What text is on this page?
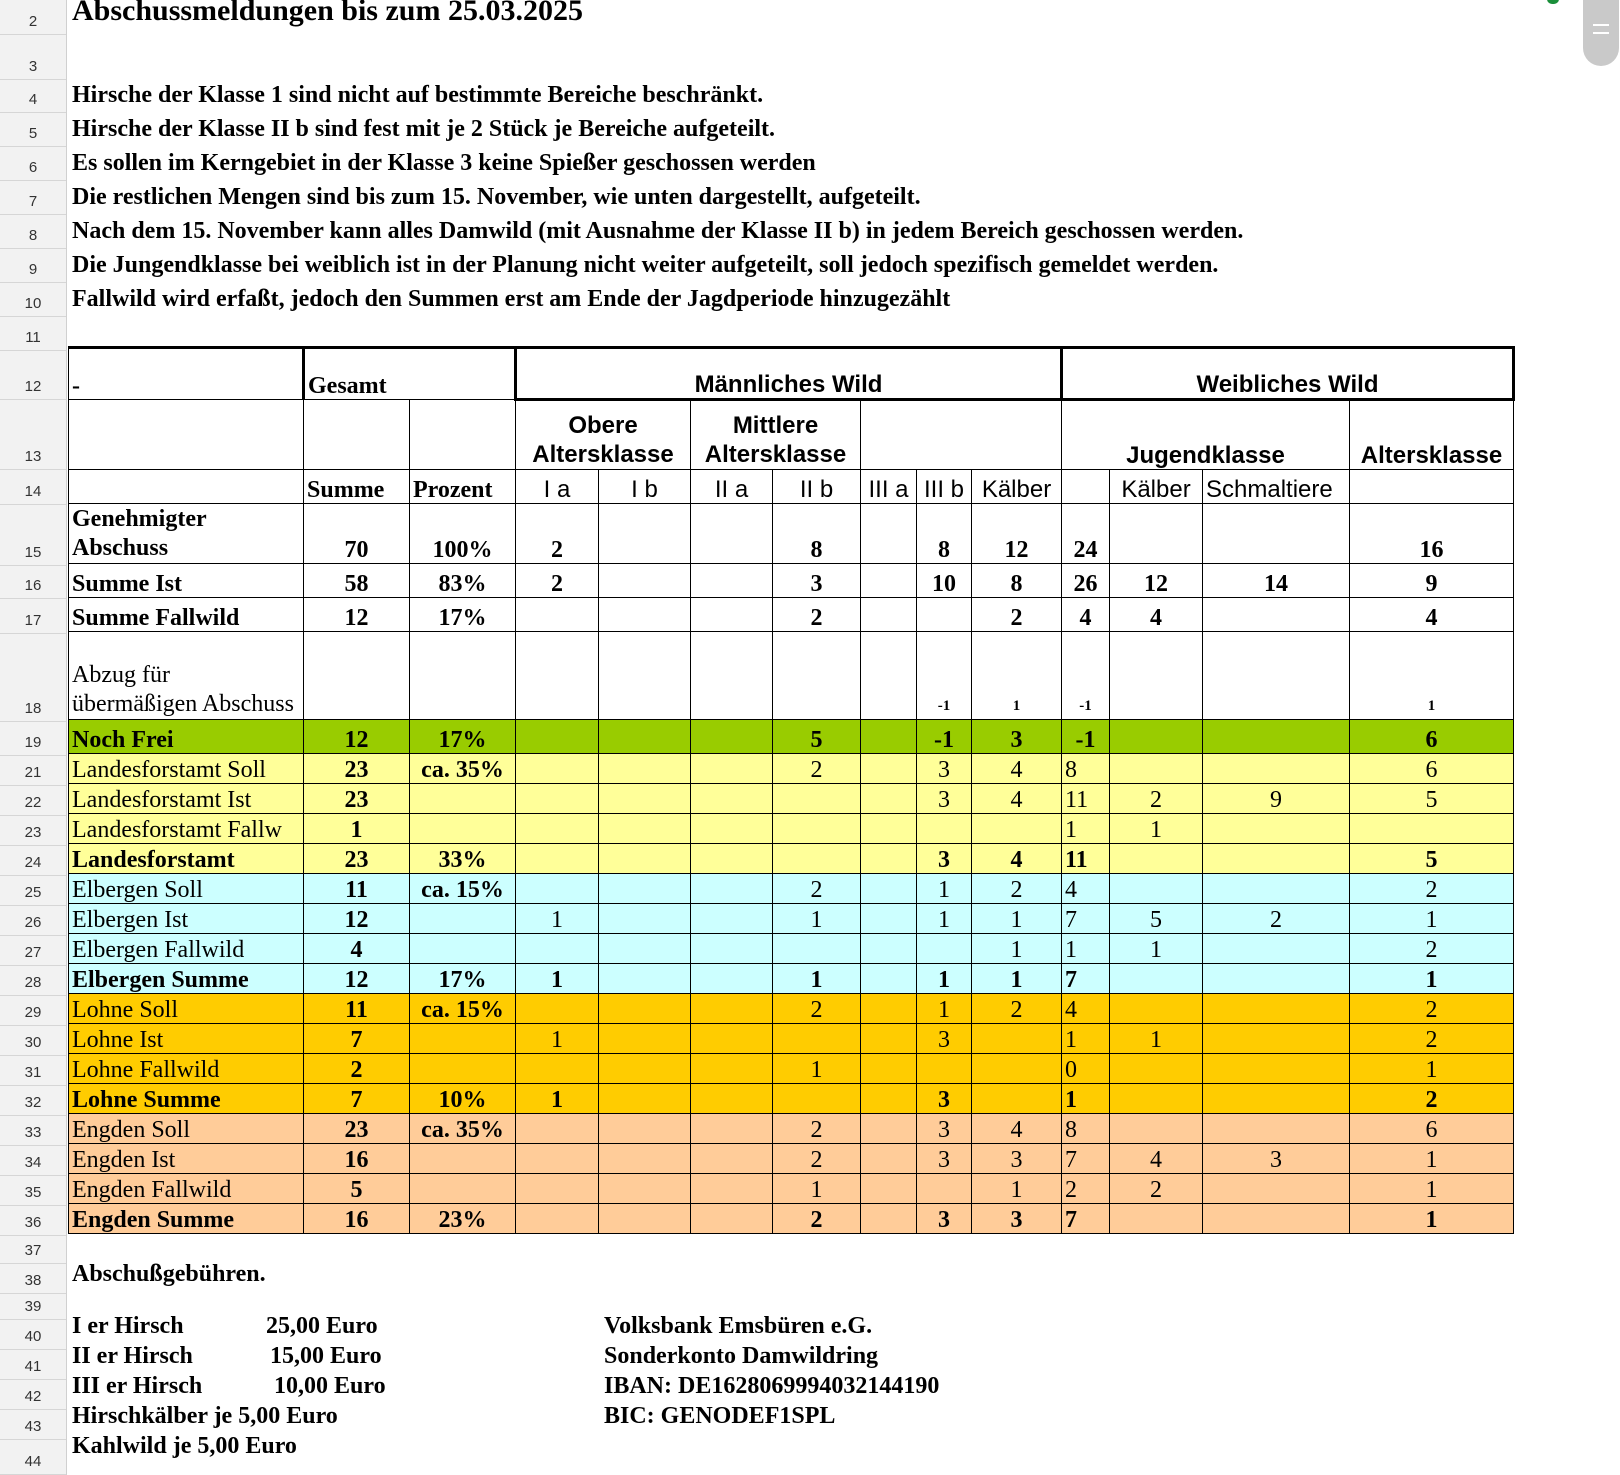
2
3
4
5
6
7
8
9
10
11
12
13
14
15
16
17
18
19
21
22
23
24
25
26
27
28
29
30
31
32
33
34
35
36
37
38
39
40
41
42
43
44
Abschussmeldungen bis zum 25.03.2025
Hirsche der Klasse 1 sind nicht auf bestimmte Bereiche beschränkt.
Hirsche der Klasse II b sind fest mit je 2 Stück je Bereiche aufgeteilt.
Es sollen im Kerngebiet in der Klasse 3 keine Spießer geschossen werden
Die restlichen Mengen sind bis zum 15. November, wie unten dargestellt, aufgeteilt.
Nach dem 15. November kann alles Damwild (mit Ausnahme der Klasse II b) in jedem Bereich geschossen werden.
Die Jungendklasse bei weiblich ist in der Planung nicht weiter aufgeteilt, soll jedoch spezifisch gemeldet werden.
Fallwild wird erfaßt, jedoch den Summen erst am Ende der Jagdperiode hinzugezählt
-	Gesamt		Männliches Wild							Weibliches Wild			
			Obere Altersklasse		Mittlere Altersklasse					Jugendklasse			Altersklasse
	Summe	Prozent	I a	I b	II a	II b	III a	III b	Kälber		Kälber	Schmaltiere	
Genehmigter Abschuss	70	100%	2			8		8	12	24			16
Summe Ist	58	83%	2			3		10	8	26	12	14	9
Summe Fallwild	12	17%				2			2	4	4		4
Abzug für übermäßigen Abschuss								-1	1	-1			1
Noch Frei	12	17%				5		-1	3	-1			6
Landesforstamt Soll	23	ca. 35%				2		3	4	8			6
Landesforstamt Ist	23							3	4	11	2	9	5
Landesforstamt Fallw	1									1	1		
Landesforstamt	23	33%						3	4	11			5
Elbergen Soll	11	ca. 15%				2		1	2	4			2
Elbergen Ist	12		1			1		1	1	7	5	2	1
Elbergen Fallwild	4								1	1	1		2
Elbergen Summe	12	17%	1			1		1	1	7			1
Lohne Soll	11	ca. 15%				2		1	2	4			2
Lohne Ist	7		1					3		1	1		2
Lohne Fallwild	2					1				0			1
Lohne Summe	7	10%	1					3		1			2
Engden Soll	23	ca. 35%				2		3	4	8			6
Engden Ist	16					2		3	3	7	4	3	1
Engden Fallwild	5					1			1	2	2		1
Engden Summe	16	23%				2		3	3	7			1
Abschußgebühren.
I er Hirsch	25,00 Euro
II er Hirsch	15,00 Euro
III er Hirsch	10,00 Euro
Hirschkälber je 5,00 Euro
Kahlwild je 5,00 Euro
Volksbank Emsbüren e.G.
Sonderkonto Damwildring
IBAN: DE16280699940321441​90
BIC: GENODEF1SPL
